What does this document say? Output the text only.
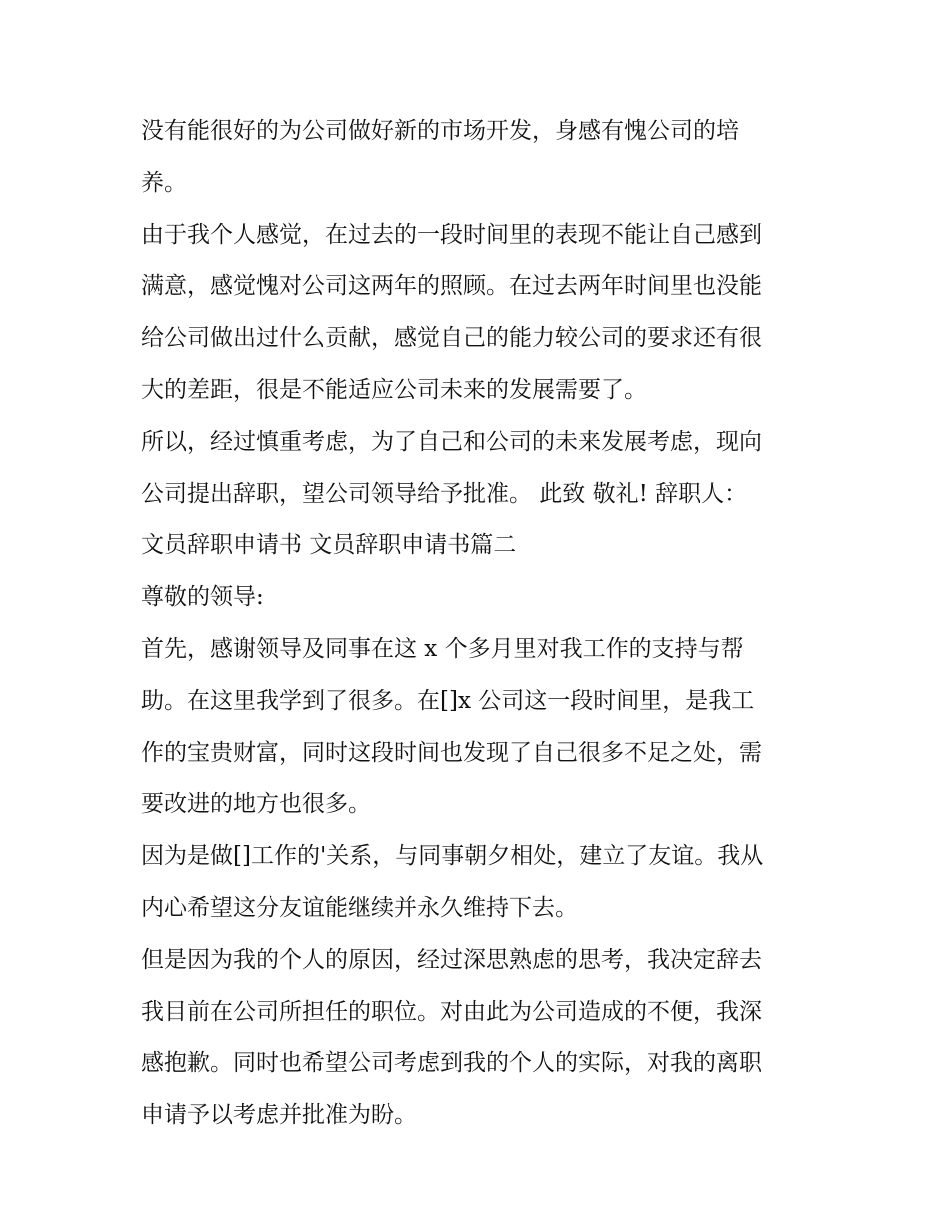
没有能很好的为公司做好新的市场开发，身感有愧公司的培
养。
由于我个人感觉，在过去的一段时间里的表现不能让自己感到
满意，感觉愧对公司这两年的照顾。在过去两年时间里也没能
给公司做出过什么贡献，感觉自己的能力较公司的要求还有很
大的差距，很是不能适应公司未来的发展需要了。
所以，经过慎重考虑，为了自己和公司的未来发展考虑，现向
公司提出辞职，望公司领导给予批准。 此致 敬礼! 辞职人：
文员辞职申请书 文员辞职申请书篇二
尊敬的领导:
首先，感谢领导及同事在这 x 个多月里对我工作的支持与帮
助。在这里我学到了很多。在[]x 公司这一段时间里，是我工
作的宝贵财富，同时这段时间也发现了自己很多不足之处，需
要改进的地方也很多。
因为是做[]工作的'关系，与同事朝夕相处，建立了友谊。我从
内心希望这分友谊能继续并永久维持下去。
但是因为我的个人的原因，经过深思熟虑的思考，我决定辞去
我目前在公司所担任的职位。对由此为公司造成的不便，我深
感抱歉。同时也希望公司考虑到我的个人的实际，对我的离职
申请予以考虑并批准为盼。
